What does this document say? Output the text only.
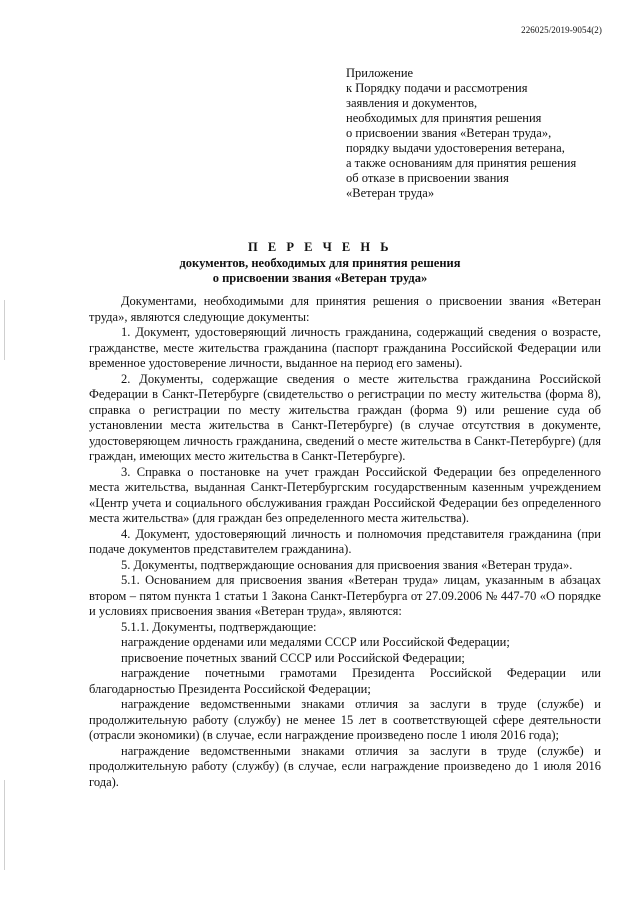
226025/2019-9054(2)
Приложение
к Порядку подачи и рассмотрения
заявления и документов,
необходимых для принятия решения
о присвоении звания «Ветеран труда»,
порядку выдачи удостоверения ветерана,
а также основаниям для принятия решения
об отказе в присвоении звания
«Ветеран труда»
П Е Р Е Ч Е Н Ь
документов, необходимых для принятия решения
о присвоении звания «Ветеран труда»

Документами, необходимыми для принятия решения о присвоении звания «Ветеран труда», являются следующие документы:

1. Документ, удостоверяющий личность гражданина, содержащий сведения о возрасте, гражданстве, месте жительства гражданина (паспорт гражданина Российской Федерации или временное удостоверение личности, выданное на период его замены).

2. Документы, содержащие сведения о месте жительства гражданина Российской Федерации в Санкт-Петербурге (свидетельство о регистрации по месту жительства (форма 8), справка о регистрации по месту жительства граждан (форма 9) или решение суда об установлении места жительства в Санкт-Петербурге) (в случае отсутствия в документе, удостоверяющем личность гражданина, сведений о месте жительства в Санкт-Петербурге) (для граждан, имеющих место жительства в Санкт-Петербурге).

3. Справка о постановке на учет граждан Российской Федерации без определенного места жительства, выданная Санкт-Петербургским государственным казенным учреждением «Центр учета и социального обслуживания граждан Российской Федерации без определенного места жительства» (для граждан без определенного места жительства).

4. Документ, удостоверяющий личность и полномочия представителя гражданина (при подаче документов представителем гражданина).

5. Документы, подтверждающие основания для присвоения звания «Ветеран труда».

5.1. Основанием для присвоения звания «Ветеран труда» лицам, указанным в абзацах втором – пятом пункта 1 статьи 1 Закона Санкт-Петербурга от 27.09.2006 № 447-70 «О порядке и условиях присвоения звания «Ветеран труда», являются:

5.1.1. Документы, подтверждающие:

награждение орденами или медалями СССР или Российской Федерации;

присвоение почетных званий СССР или Российской Федерации;

награждение почетными грамотами Президента Российской Федерации или благодарностью Президента Российской Федерации;

награждение ведомственными знаками отличия за заслуги в труде (службе) и продолжительную работу (службу) не менее 15 лет в соответствующей сфере деятельности (отрасли экономики) (в случае, если награждение произведено после 1 июля 2016 года);

награждение ведомственными знаками отличия за заслуги в труде (службе) и продолжительную работу (службу) (в случае, если награждение произведено до 1 июля 2016 года).
